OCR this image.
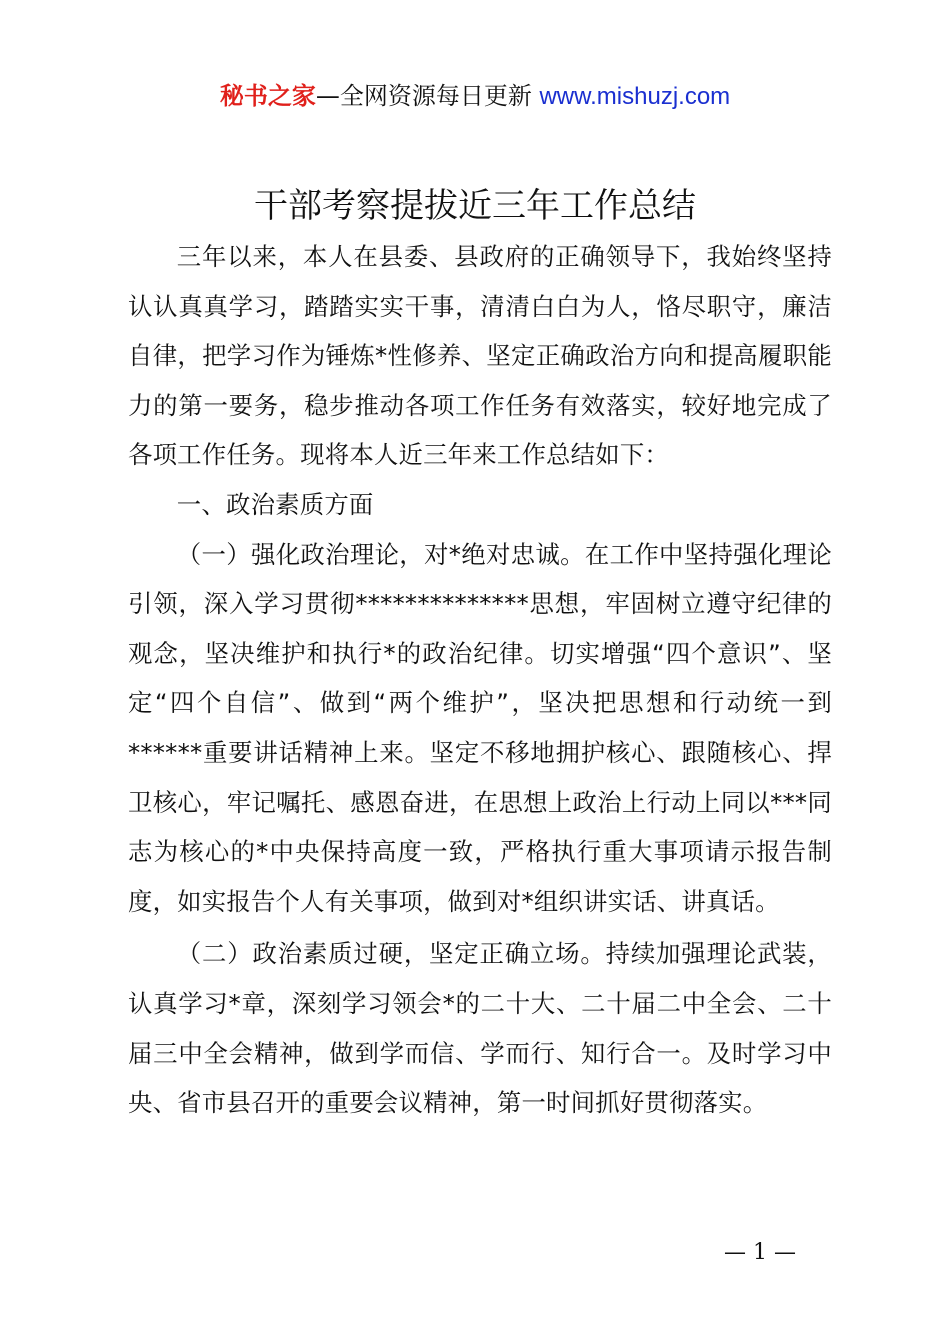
秘书之家—全网资源每日更新 www.mishuzj.com
干部考察提拔近三年工作总结

三年以来，本人在县委、县政府的正确领导下，我始终坚持认认真真学习，踏踏实实干事，清清白白为人，恪尽职守，廉洁自律，把学习作为锤炼*性修养、坚定正确政治方向和提高履职能力的第一要务，稳步推动各项工作任务有效落实，较好地完成了各项工作任务。现将本人近三年来工作总结如下：

一、政治素质方面

（一）强化政治理论，对*绝对忠诚。在工作中坚持强化理论引领，深入学习贯彻**************思想，牢固树立遵守纪律的观念，坚决维护和执行*的政治纪律。切实增强“四个意识”、坚定“四个自信”、做到“两个维护”，坚决把思想和行动统一到******重要讲话精神上来。坚定不移地拥护核心、跟随核心、捍卫核心，牢记嘱托、感恩奋进，在思想上政治上行动上同以***同志为核心的*中央保持高度一致，严格执行重大事项请示报告制度，如实报告个人有关事项，做到对*组织讲实话、讲真话。

（二）政治素质过硬，坚定正确立场。持续加强理论武装，认真学习*章，深刻学习领会*的二十大、二十届二中全会、二十届三中全会精神，做到学而信、学而行、知行合一。及时学习中央、省市县召开的重要会议精神，第一时间抓好贯彻落实。

— 1 —
